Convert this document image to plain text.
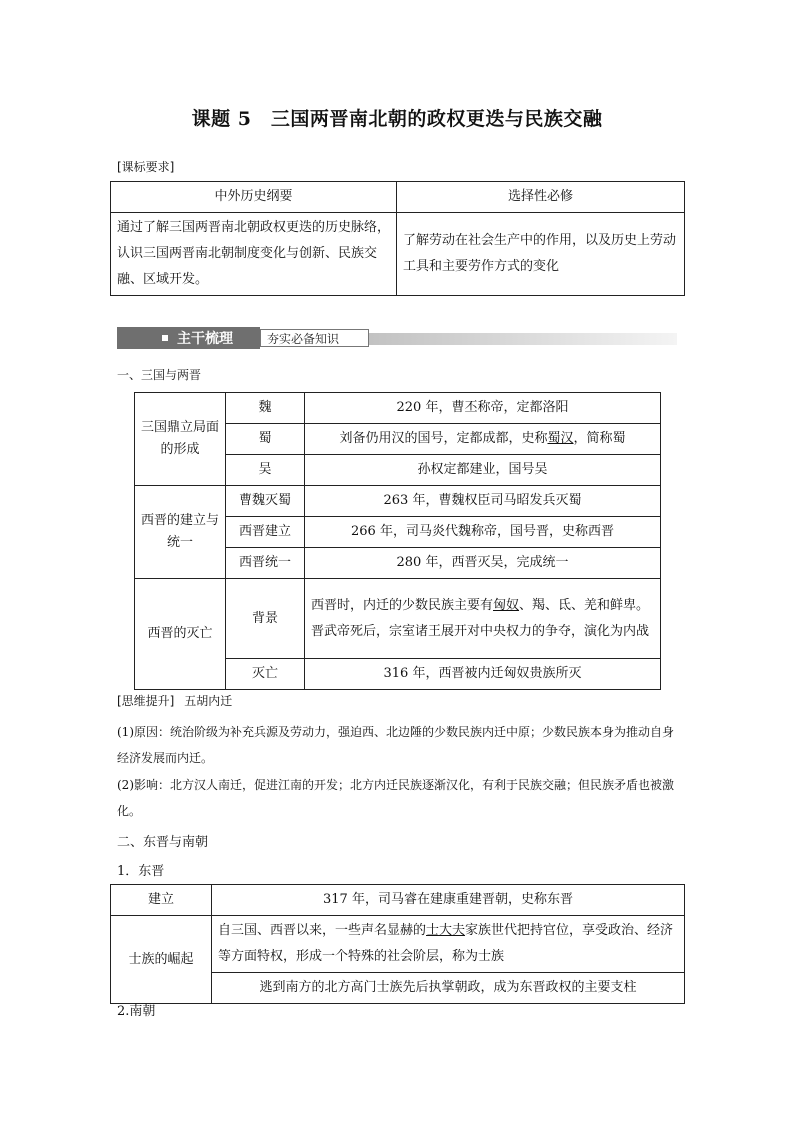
课题 5　三国两晋南北朝的政权更迭与民族交融
[课标要求]
中外历史纲要	选择性必修
通过了解三国两晋南北朝政权更迭的历史脉络，认识三国两晋南北朝制度变化与创新、民族交融、区域开发。	了解劳动在社会生产中的作用，以及历史上劳动工具和主要劳作方式的变化
主干梳理	夯实必备知识
一、三国与两晋
三国鼎立局面的形成	魏	220 年，曹丕称帝，定都洛阳
	蜀	刘备仍用汉的国号，定都成都，史称蜀汉，简称蜀
	吴	孙权定都建业，国号吴
西晋的建立与统一	曹魏灭蜀	263 年，曹魏权臣司马昭发兵灭蜀
	西晋建立	266 年，司马炎代魏称帝，国号晋，史称西晋
	西晋统一	280 年，西晋灭吴，完成统一
西晋的灭亡	背景	西晋时，内迁的少数民族主要有匈奴、羯、氐、羌和鲜卑。晋武帝死后，宗室诸王展开对中央权力的争夺，演化为内战
	灭亡	316 年，西晋被内迁匈奴贵族所灭
[思维提升] 五胡内迁
(1)原因：统治阶级为补充兵源及劳动力，强迫西、北边陲的少数民族内迁中原；少数民族本身为推动自身经济发展而内迁。
(2)影响：北方汉人南迁，促进江南的开发；北方内迁民族逐渐汉化，有利于民族交融；但民族矛盾也被激化。
二、东晋与南朝
1．东晋
建立	317 年，司马睿在建康重建晋朝，史称东晋
士族的崛起	自三国、西晋以来，一些声名显赫的士大夫家族世代把持官位，享受政治、经济等方面特权，形成一个特殊的社会阶层，称为士族
	逃到南方的北方高门士族先后执掌朝政，成为东晋政权的主要支柱
2.南朝
